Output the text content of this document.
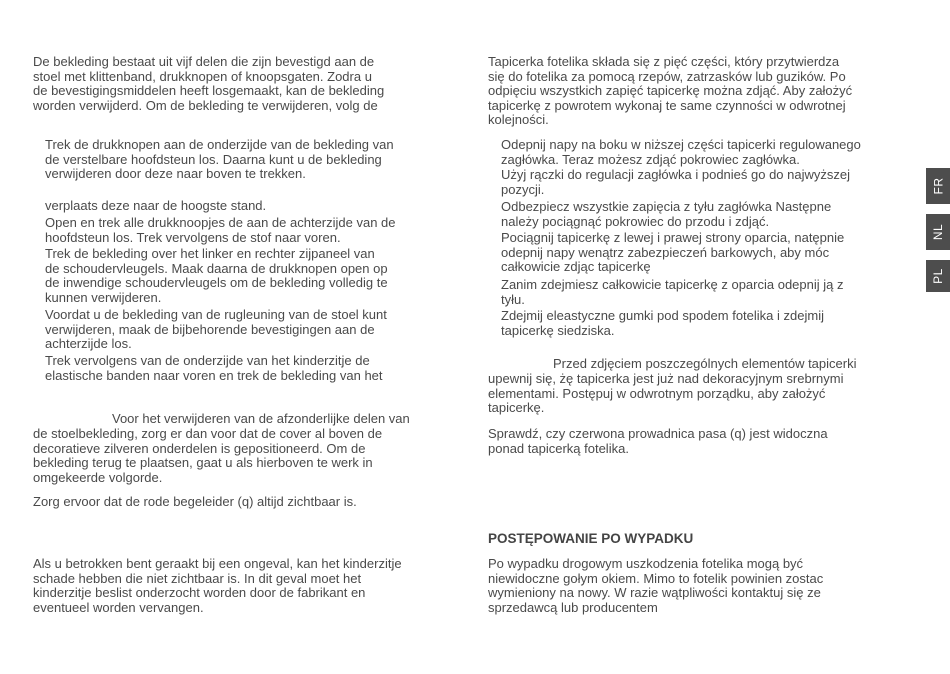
De bekleding bestaat uit vijf delen die zijn bevestigd aan de
stoel met klittenband, drukknopen of knoopsgaten. Zodra u
de bevestigingsmiddelen heeft losgemaakt, kan de bekleding
worden verwijderd. Om de bekleding te verwijderen, volg de

Trek de drukknopen aan de onderzijde van de bekleding van
de verstelbare hoofdsteun los. Daarna kunt u de bekleding
verwijderen door deze naar boven te trekken.

verplaats deze naar de hoogste stand.

Open en trek alle drukknoopjes de aan de achterzijde van de
hoofdsteun los. Trek vervolgens de stof naar voren.

Trek de bekleding over het linker en rechter zijpaneel van
de schoudervleugels. Maak daarna de drukknopen open op
de inwendige schoudervleugels om de bekleding volledig te
kunnen verwijderen.

Voordat u de bekleding van de rugleuning van de stoel kunt
verwijderen, maak de bijbehorende bevestigingen aan de
achterzijde los.

Trek vervolgens van de onderzijde van het kinderzitje de
elastische banden naar voren en trek de bekleding van het

Voor het verwijderen van de afzonderlijke delen van

de stoelbekleding, zorg er dan voor dat de cover al boven de
decoratieve zilveren onderdelen is gepositioneerd. Om de
bekleding terug te plaatsen, gaat u als hierboven te werk in
omgekeerde volgorde.

Zorg ervoor dat de rode begeleider (q) altijd zichtbaar is.

Als u betrokken bent geraakt bij een ongeval, kan het kinderzitje
schade hebben die niet zichtbaar is. In dit geval moet het
kinderzitje beslist onderzocht worden door de fabrikant en
eventueel worden vervangen.

Tapicerka fotelika składa się z pięć części, który przytwierdza
się do fotelika za pomocą rzepów, zatrzasków lub guzików. Po
odpięciu wszystkich zapięć tapicerkę można zdjąć. Aby założyć
tapicerkę z powrotem wykonaj te same czynności w odwrotnej
kolejności.

Odepnij napy na boku w niższej części tapicerki regulowanego
zagłówka. Teraz możesz zdjąć pokrowiec zagłówka.

Użyj rączki do regulacji zagłówka i podnieś go do najwyższej
pozycji.

Odbezpiecz wszystkie zapięcia z tyłu zagłówka Następne
należy pociągnąć pokrowiec do przodu i zdjąć.

Pociągnij tapicerkę z lewej i prawej strony oparcia, natępnie
odepnij napy wenątrz zabezpieczeń barkowych, aby móc
całkowicie zdjąc tapicerkę

Zanim zdejmiesz całkowicie tapicerkę z oparcia odepnij ją z
tyłu.

Zdejmij eleastyczne gumki pod spodem fotelika i zdejmij
tapicerkę siedziska.

Przed zdjęciem poszczególnych elementów tapicerki

upewnij się, żę tapicerka jest już nad dekoracyjnym srebrnymi
elementami. Postępuj w odwrotnym porządku, aby założyć
tapicerkę.

Sprawdź, czy czerwona prowadnica pasa (q) jest widoczna
ponad tapicerką fotelika.

POSTĘPOWANIE PO WYPADKU

Po wypadku drogowym uszkodzenia fotelika mogą być
niewidoczne gołym okiem. Mimo to fotelik powinien zostac
wymieniony na nowy. W razie wątpliwości kontaktuj się ze
sprzedawcą lub producentem

FR
NL
PL
